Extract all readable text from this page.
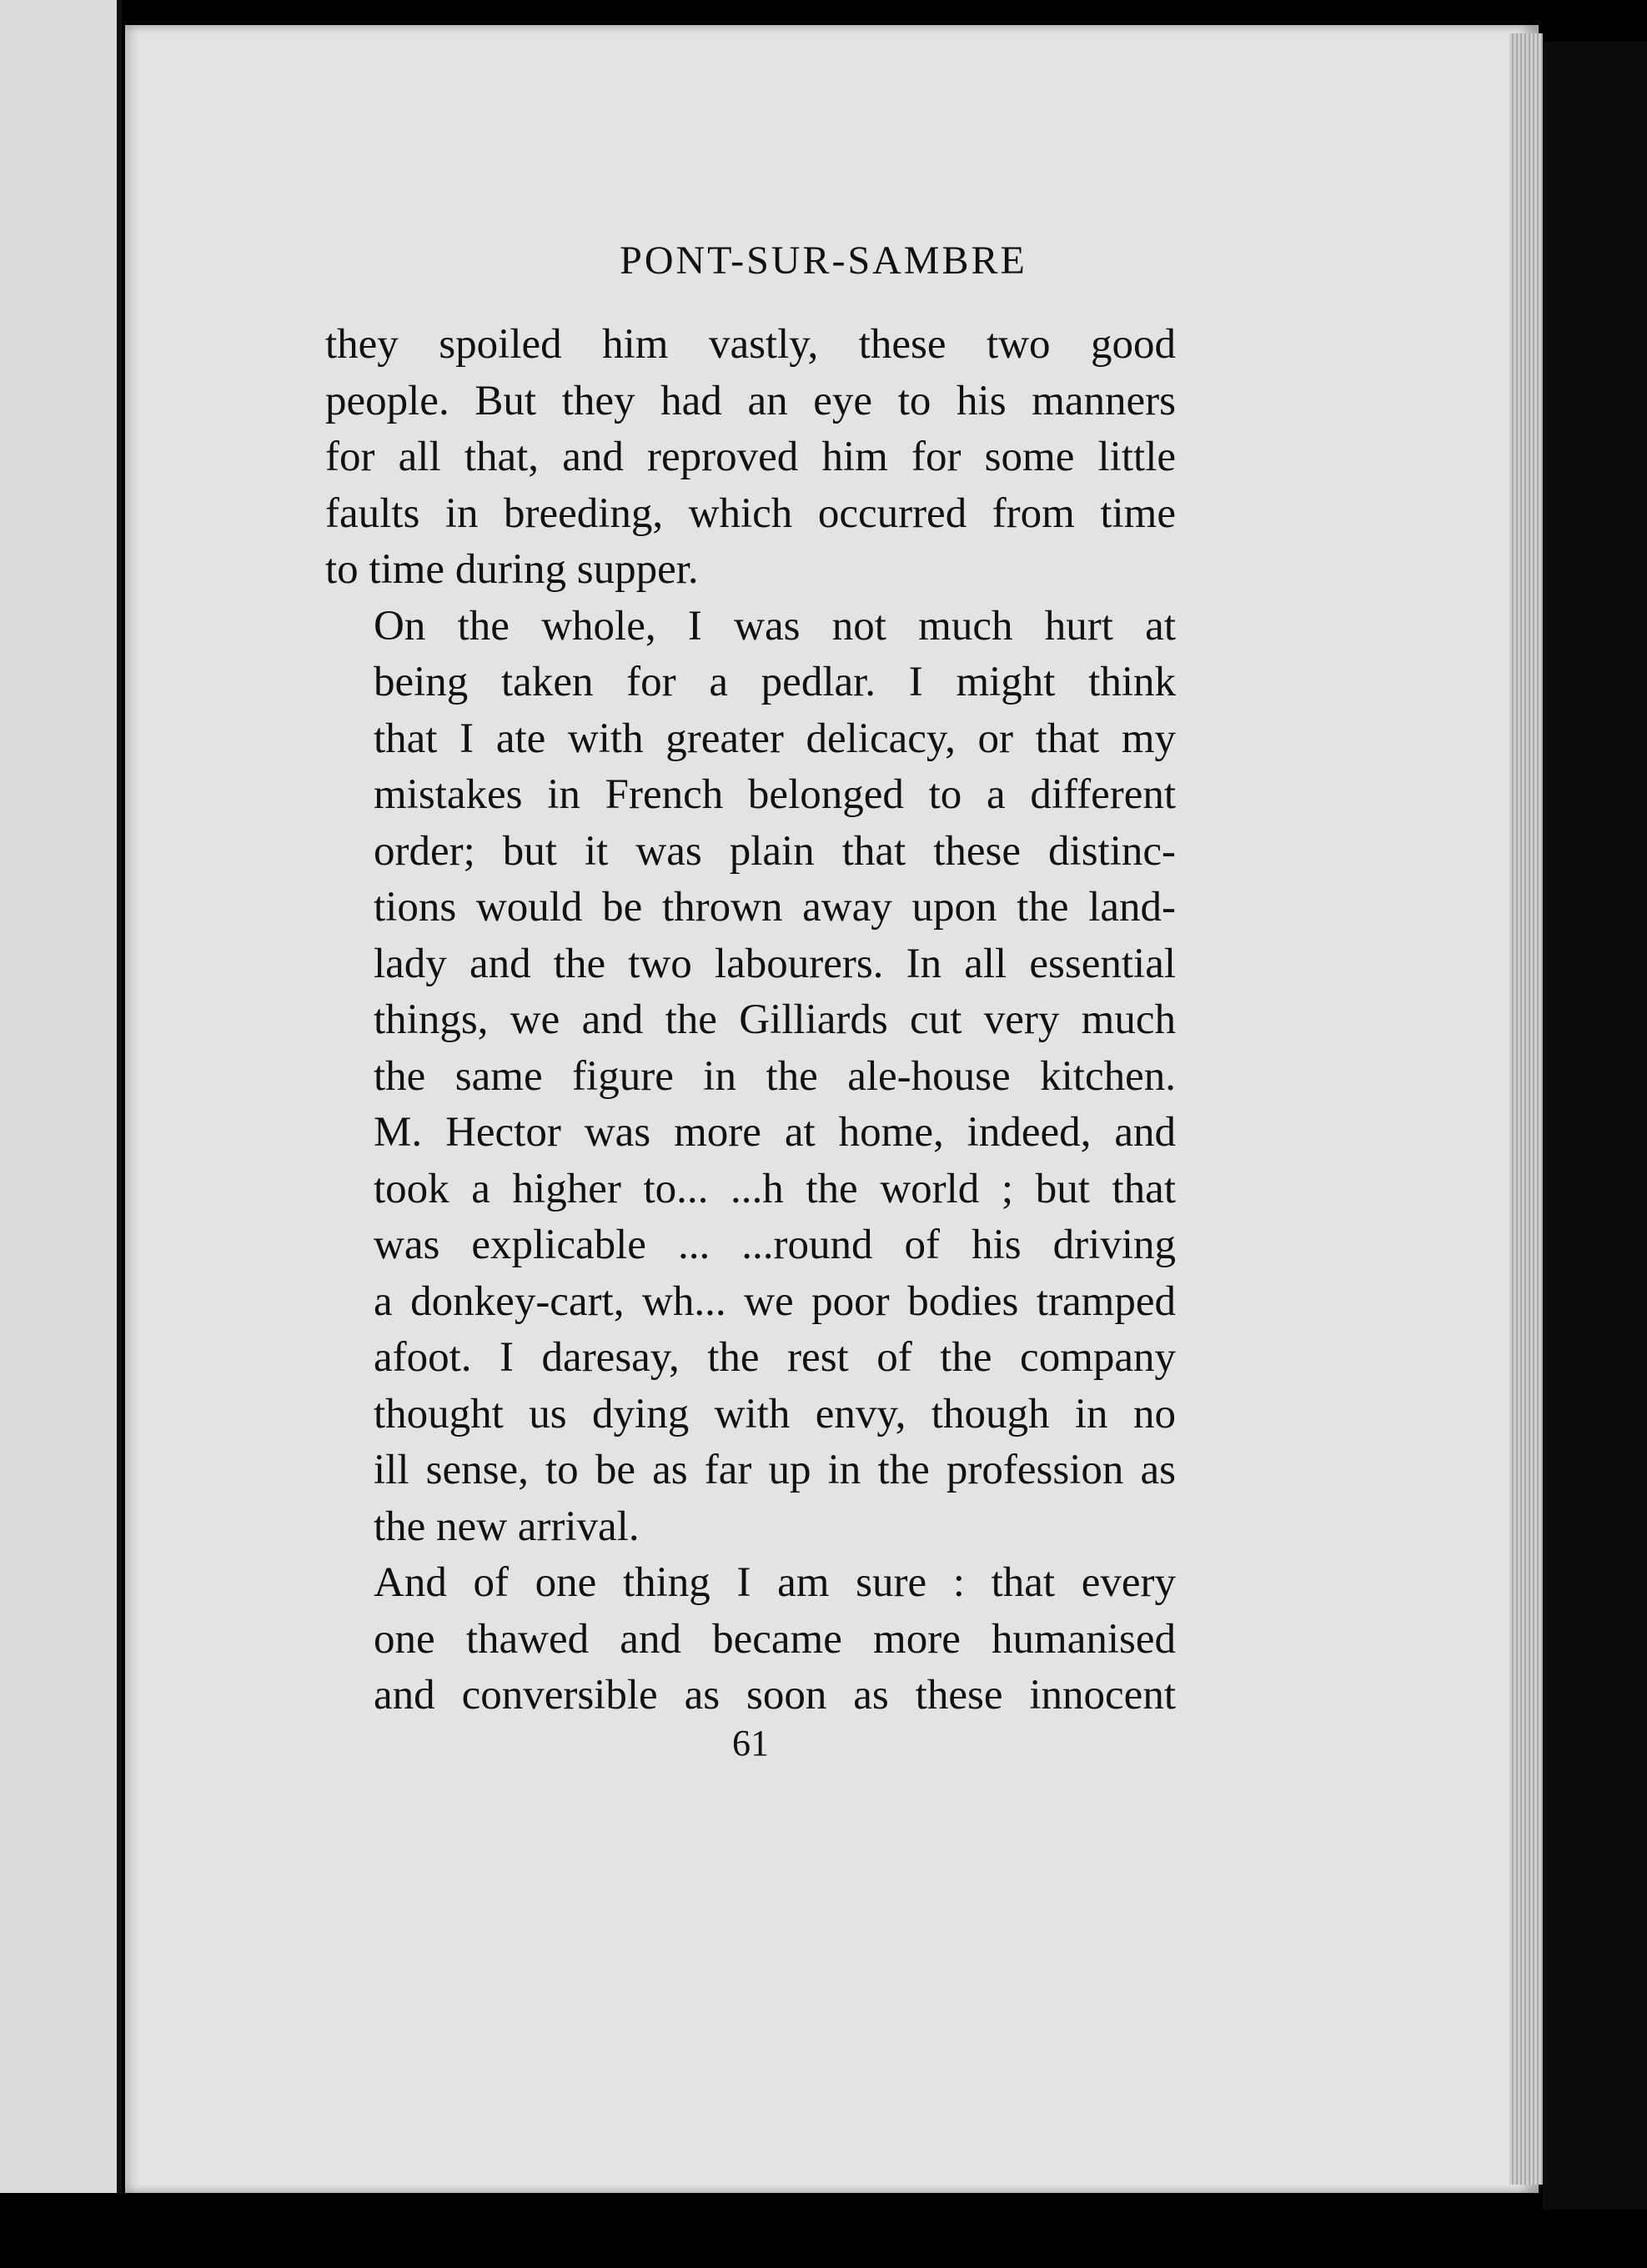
PONT-SUR-SAMBRE

they spoiled him vastly, these two good
people. But they had an eye to his manners
for all that, and reproved him for some little
faults in breeding, which occurred from time
to time during supper.

On the whole, I was not much hurt at
being taken for a pedlar. I might think
that I ate with greater delicacy, or that my
mistakes in French belonged to a different
order; but it was plain that these distinc-
tions would be thrown away upon the land-
lady and the two labourers. In all essential
things, we and the Gilliards cut very much
the same figure in the ale-house kitchen.
M. Hector was more at home, indeed, and
took a higher to... ...h the world ; but that
was explicable ... ...round of his driving
a donkey-cart, wh... we poor bodies tramped
afoot. I daresay, the rest of the company
thought us dying with envy, though in no
ill sense, to be as far up in the profession as
the new arrival.

And of one thing I am sure : that every
one thawed and became more humanised
and conversible as soon as these innocent

61
